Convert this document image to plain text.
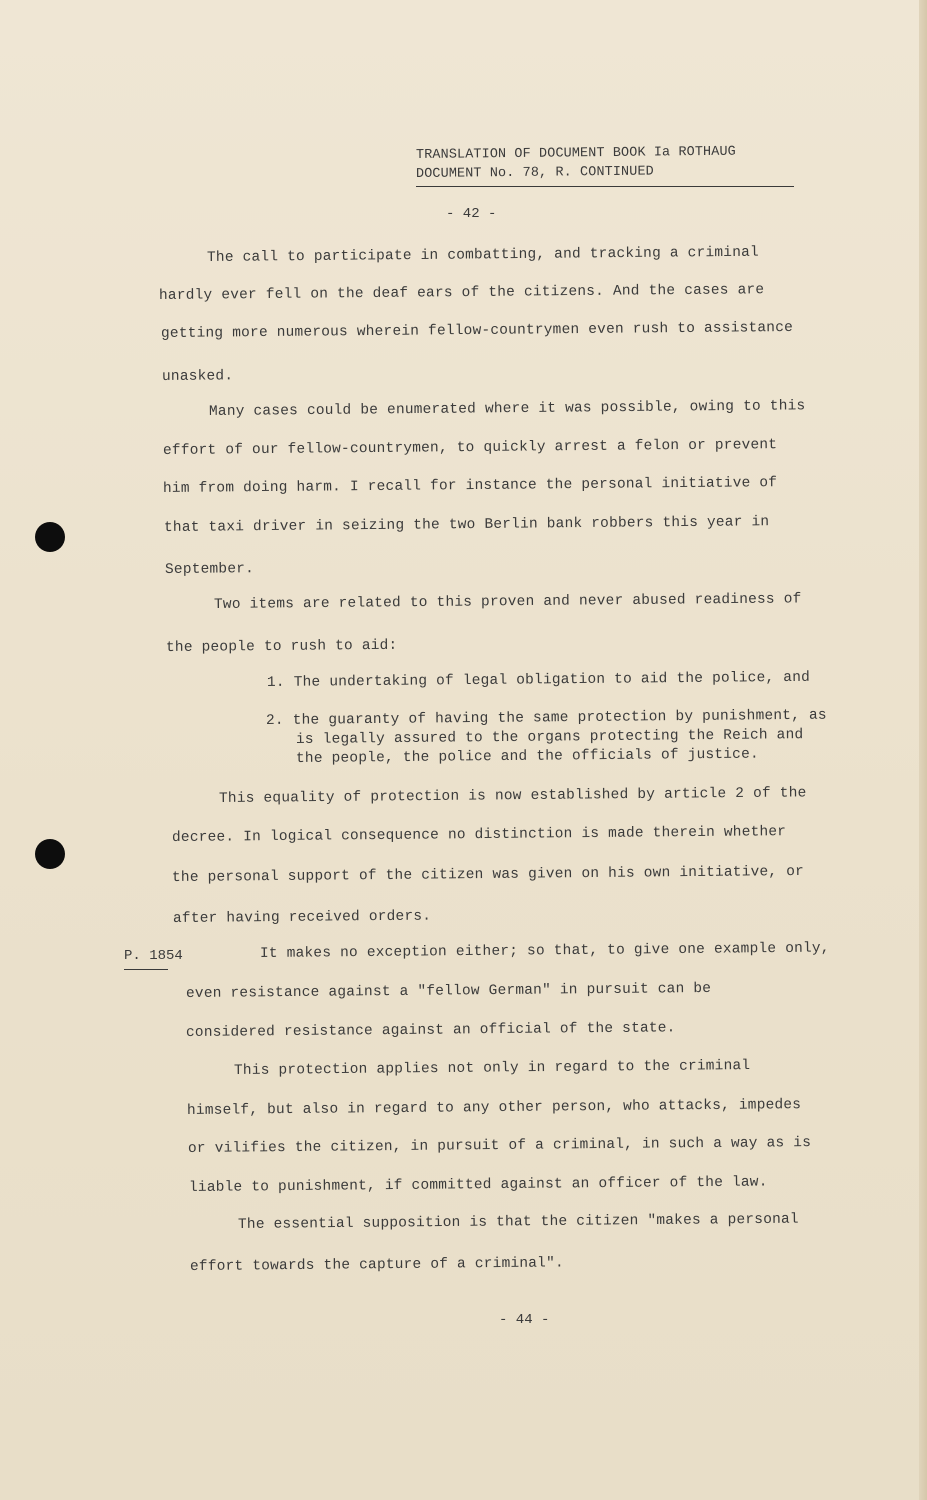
TRANSLATION OF DOCUMENT BOOK Ia ROTHAUG
DOCUMENT No. 78, R. CONTINUED
- 42 -
The call to participate in combatting, and tracking a criminal
hardly ever fell on the deaf ears of the citizens. And the cases are
getting more numerous wherein fellow-countrymen even rush to assistance
unasked.
Many cases could be enumerated where it was possible, owing to this
effort of our fellow-countrymen, to quickly arrest a felon or prevent
him from doing harm. I recall for instance the personal initiative of
that taxi driver in seizing the two Berlin bank robbers this year in
September.
Two items are related to this proven and never abused readiness of
the people to rush to aid:
1. The undertaking of legal obligation to aid the police, and
2. the guaranty of having the same protection by punishment, as
is legally assured to the organs protecting the Reich and
the people, the police and the officials of justice.
This equality of protection is now established by article 2 of the
decree. In logical consequence no distinction is made therein whether
the personal support of the citizen was given on his own initiative, or
after having received orders.
P. 1854	It makes no exception either; so that, to give one example only,
even resistance against a "fellow German" in pursuit can be
considered resistance against an official of the state.
This protection applies not only in regard to the criminal
himself, but also in regard to any other person, who attacks, impedes
or vilifies the citizen, in pursuit of a criminal, in such a way as is
liable to punishment, if committed against an officer of the law.
The essential supposition is that the citizen "makes a personal
effort towards the capture of a criminal".
- 44 -
